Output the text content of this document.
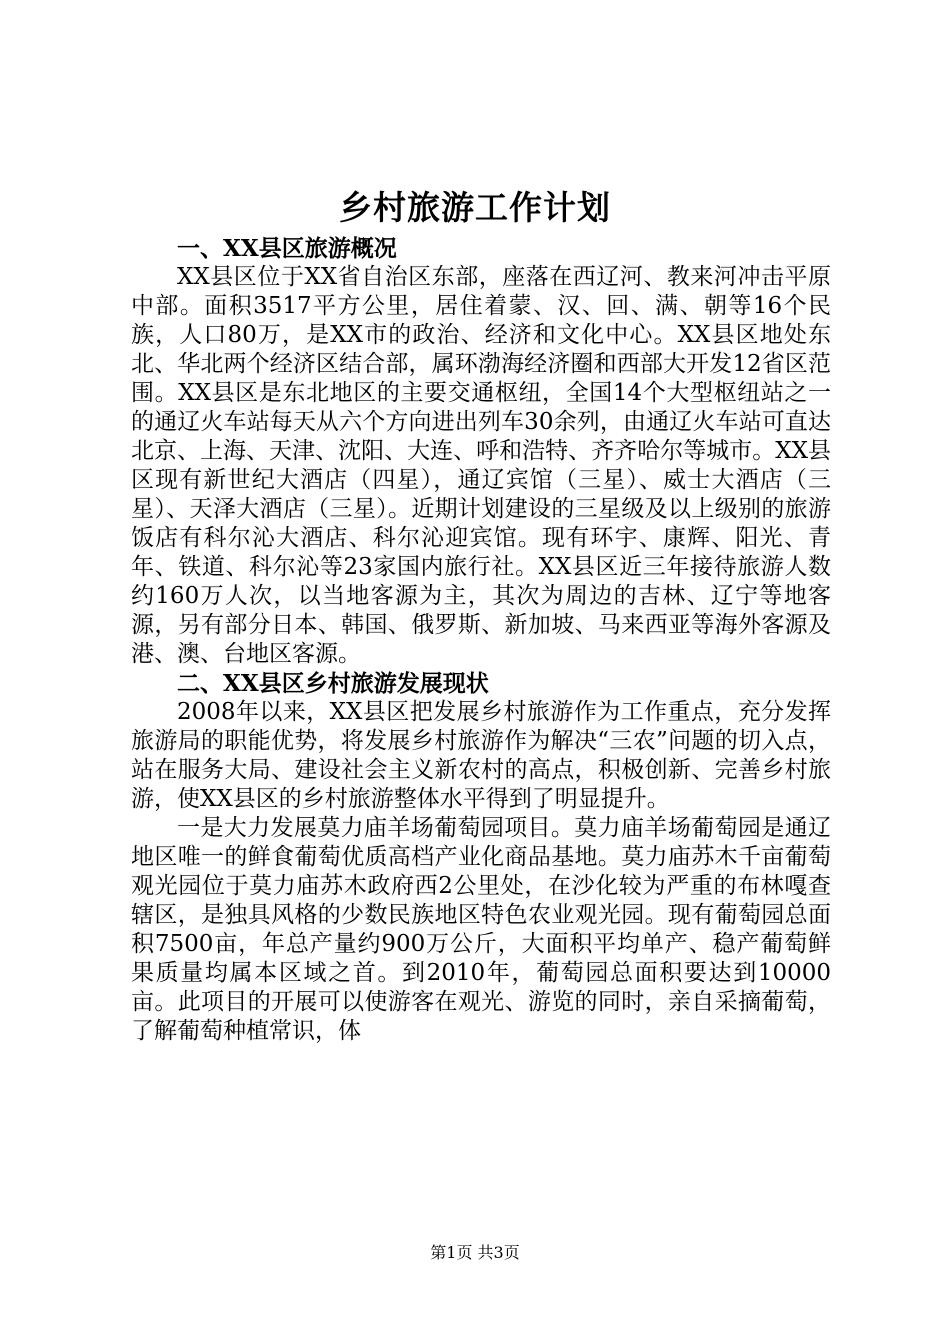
乡村旅游工作计划

一、XX县区旅游概况

XX县区位于XX省自治区东部，座落在西辽河、教来河冲击平原中部。面积3517平方公里，居住着蒙、汉、回、满、朝等16个民族，人口80万，是XX市的政治、经济和文化中心。XX县区地处东北、华北两个经济区结合部，属环渤海经济圈和西部大开发12省区范围。XX县区是东北地区的主要交通枢纽，全国14个大型枢纽站之一的通辽火车站每天从六个方向进出列车30余列，由通辽火车站可直达北京、上海、天津、沈阳、大连、呼和浩特、齐齐哈尔等城市。XX县区现有新世纪大酒店（四星），通辽宾馆（三星）、威士大酒店（三星）、天泽大酒店（三星）。近期计划建设的三星级及以上级别的旅游饭店有科尔沁大酒店、科尔沁迎宾馆。现有环宇、康辉、阳光、青年、铁道、科尔沁等23家国内旅行社。XX县区近三年接待旅游人数约160万人次，以当地客源为主，其次为周边的吉林、辽宁等地客源，另有部分日本、韩国、俄罗斯、新加坡、马来西亚等海外客源及港、澳、台地区客源。

二、XX县区乡村旅游发展现状

2008年以来，XX县区把发展乡村旅游作为工作重点，充分发挥旅游局的职能优势，将发展乡村旅游作为解决“三农”问题的切入点，站在服务大局、建设社会主义新农村的高点，积极创新、完善乡村旅游，使XX县区的乡村旅游整体水平得到了明显提升。

一是大力发展莫力庙羊场葡萄园项目。莫力庙羊场葡萄园是通辽地区唯一的鲜食葡萄优质高档产业化商品基地。莫力庙苏木千亩葡萄观光园位于莫力庙苏木政府西2公里处，在沙化较为严重的布林嘎查辖区，是独具风格的少数民族地区特色农业观光园。现有葡萄园总面积7500亩，年总产量约900万公斤，大面积平均单产、稳产葡萄鲜果质量均属本区域之首。到2010年，葡萄园总面积要达到10000亩。此项目的开展可以使游客在观光、游览的同时，亲自采摘葡萄，了解葡萄种植常识，体

第1页 共3页
